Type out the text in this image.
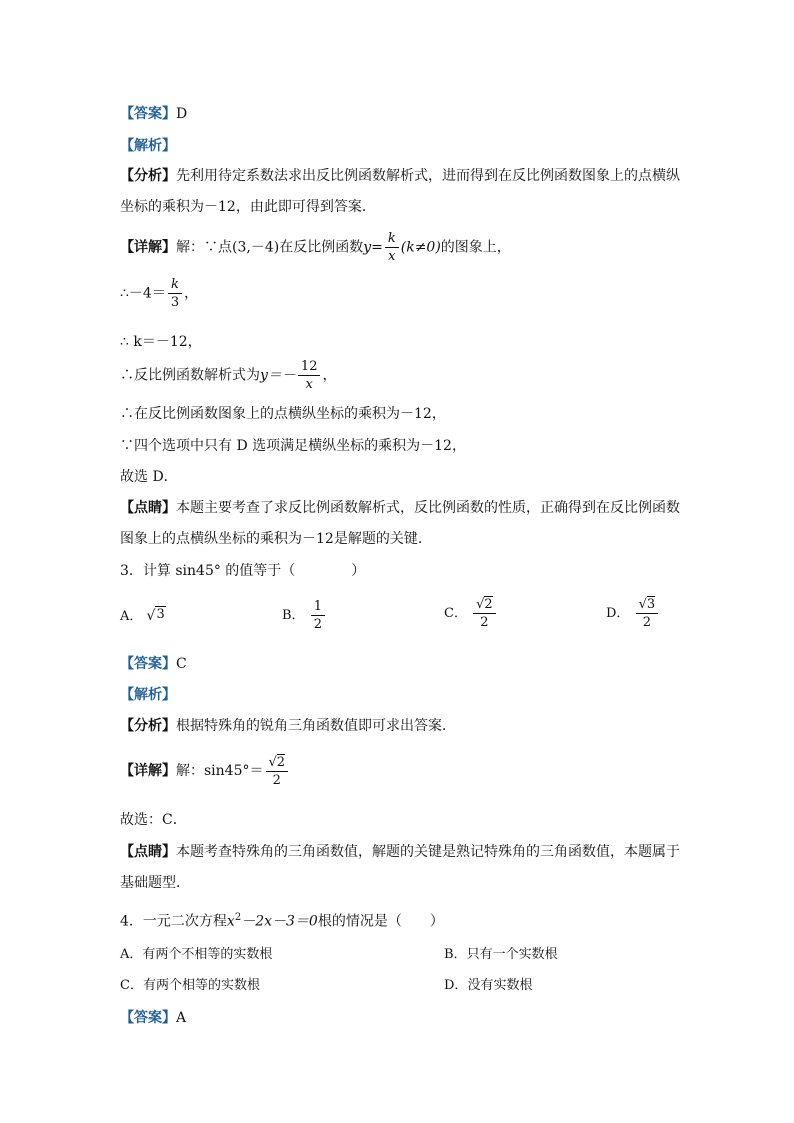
【答案】D
【解析】
【分析】先利用待定系数法求出反比例函数解析式，进而得到在反比例函数图象上的点横纵
坐标的乘积为－12，由此即可得到答案．
【详解】解：∵点(3,－4)在反比例函数$y= \frac{k}{x} (k\ne 0)$的图象上，
∴－4＝ $\frac{k}{3}$ ，
∴ k＝－12，
∴反比例函数解析式为$y=- \frac{12}{x}$ ，
∴在反比例函数图象上的点横纵坐标的乘积为－12，
∵四个选项中只有 D 选项满足横纵坐标的乘积为－12，
故选 D．
【点睛】本题主要考查了求反比例函数解析式，反比例函数的性质，正确得到在反比例函数
图象上的点横纵坐标的乘积为－12是解题的关键．
3．计算 sin45° 的值等于（　　　　）
A． √ 3	B． $\frac{1}{2}$	C． $\frac{√2}{2}$	D． $\frac{√3}{2}$
【答案】C
【解析】
【分析】根据特殊角的锐角三角函数值即可求出答案．
【详解】解：$\sin 45^\circ= \frac{√2}{2}$
故选：C．
【点睛】本题考查特殊角的三角函数值，解题的关键是熟记特殊角的三角函数值，本题属于
基础题型．
4．一元二次方程$x^2-2x-3=0$根的情况是（　　）
A．有两个不相等的实数根	B．只有一个实数根
C．有两个相等的实数根	D．没有实数根
【答案】A
